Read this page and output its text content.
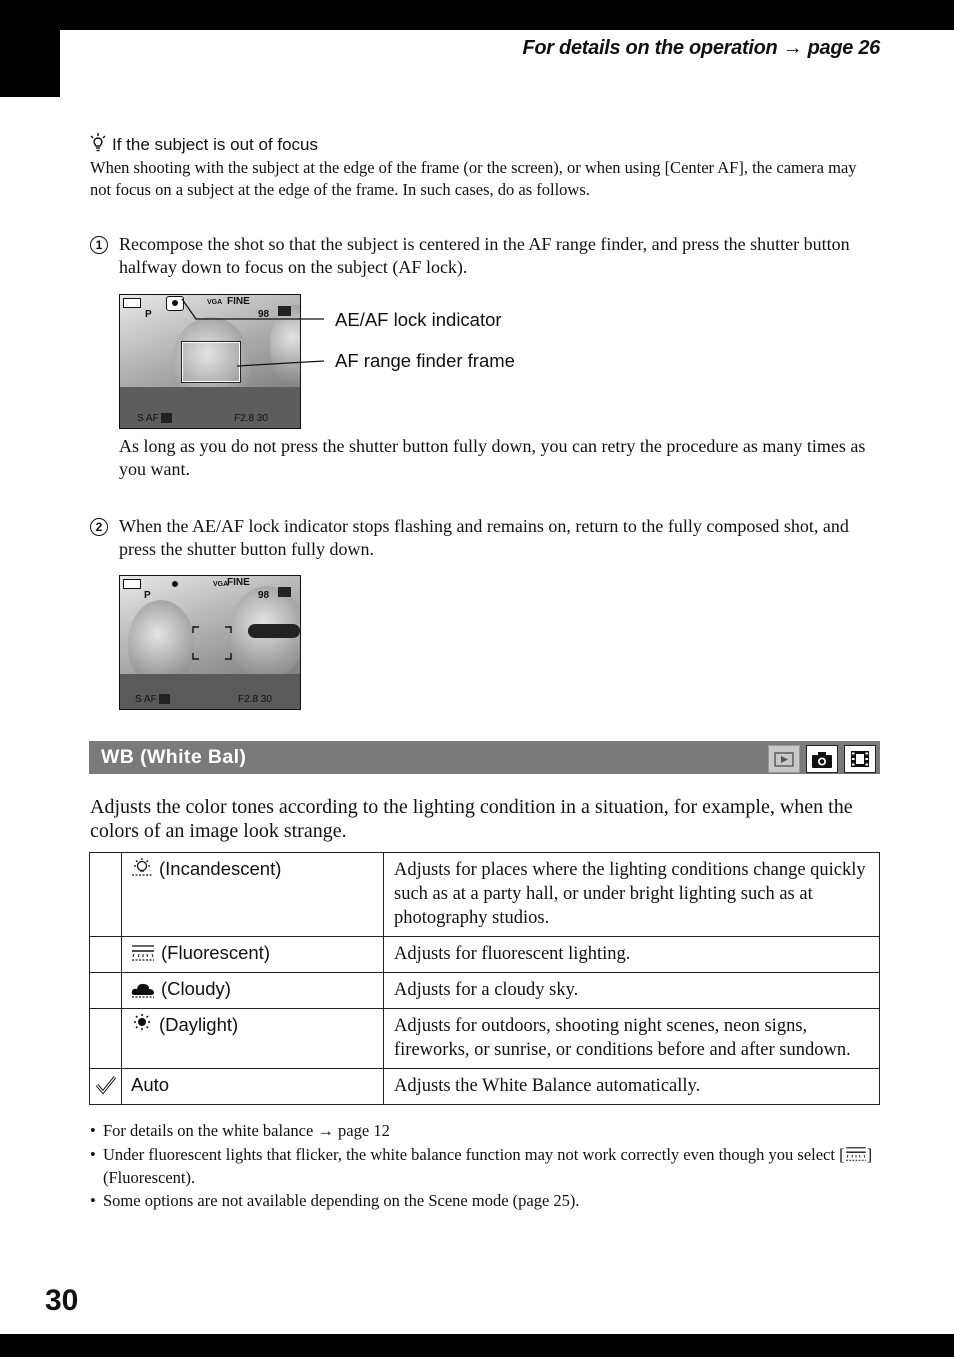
For details on the operation → page 26
If the subject is out of focus
When shooting with the subject at the edge of the frame (or the screen), or when using [Center AF], the camera may not focus on a subject at the edge of the frame. In such cases, do as follows.
1 Recompose the shot so that the subject is centered in the AF range finder, and press the shutter button halfway down to focus on the subject (AF lock).
VGA FINE
P	98
S AF	F2.8 30
AE/AF lock indicator
AF range finder frame
As long as you do not press the shutter button fully down, you can retry the procedure as many times as you want.
2 When the AE/AF lock indicator stops flashing and remains on, return to the fully composed shot, and press the shutter button fully down.
VGA
FINE
P	98
S AF	F2.8 30
WB (White Bal)
Adjusts the color tones according to the lighting condition in a situation, for example, when the colors of an image look strange.
	(Incandescent)	Adjusts for places where the lighting conditions change quickly such as at a party hall, or under bright lighting such as at photography studios.
	(Fluorescent)	Adjusts for fluorescent lighting.
	(Cloudy)	Adjusts for a cloudy sky.
	(Daylight)	Adjusts for outdoors, shooting night scenes, neon signs, fireworks, or sunrise, or conditions before and after sundown.
	Auto	Adjusts the White Balance automatically.
• For details on the white balance → page 12
• Under fluorescent lights that flicker, the white balance function may not work correctly even though you select [ ] (Fluorescent).
• Some options are not available depending on the Scene mode (page 25).
30
